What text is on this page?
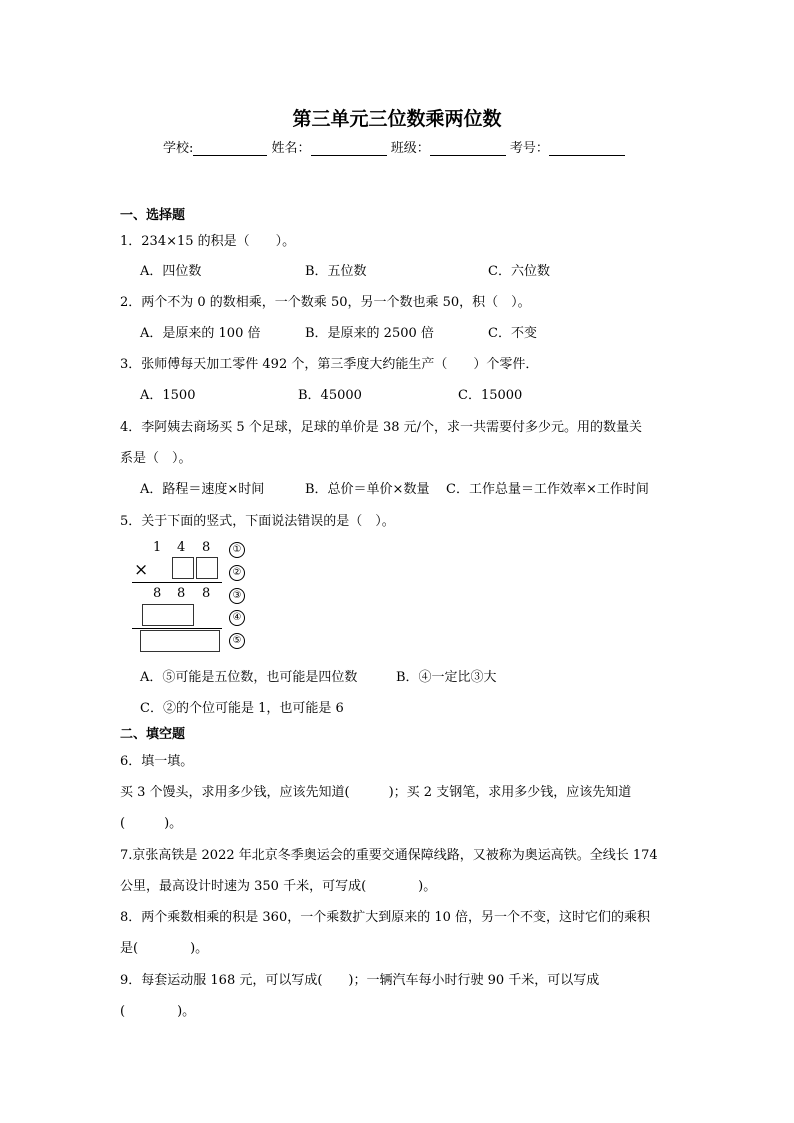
第三单元三位数乘两位数
学校:	姓名：	班级：	考号：
一、选择题
1．234×15 的积是（　　）。
A．四位数	B．五位数	C．六位数
2．两个不为 0 的数相乘，一个数乘 50，另一个数也乘 50，积（　）。
A．是原来的 100 倍	B．是原来的 2500 倍	C．不变
3．张师傅每天加工零件 492 个，第三季度大约能生产（　　）个零件．
A．1500	B．45000	C．15000
4．李阿姨去商场买 5 个足球，足球的单价是 38 元/个，求一共需要付多少元。用的数量关
系是（　）。
A．路程＝速度×时间	B．总价＝单价×数量 C．工作总量＝工作效率×工作时间
5．关于下面的竖式，下面说法错误的是（　）。
1 4 8	①
×	②
8 8 8	③
④
⑤
A．⑤可能是五位数，也可能是四位数	B．④一定比③大
C．②的个位可能是 1，也可能是 6
二、填空题
6．填一填。
买 3 个馒头，求用多少钱，应该先知道(　　　)；买 2 支钢笔，求用多少钱，应该先知道
(　　　)。
7.京张高铁是 2022 年北京冬季奥运会的重要交通保障线路，又被称为奥运高铁。全线长 174
公里，最高设计时速为 350 千米，可写成(　　　　)。
8．两个乘数相乘的积是 360，一个乘数扩大到原来的 10 倍，另一个不变，这时它们的乘积
是(　　　　)。
9．每套运动服 168 元，可以写成(　　)；一辆汽车每小时行驶 90 千米，可以写成
(　　　　)。
